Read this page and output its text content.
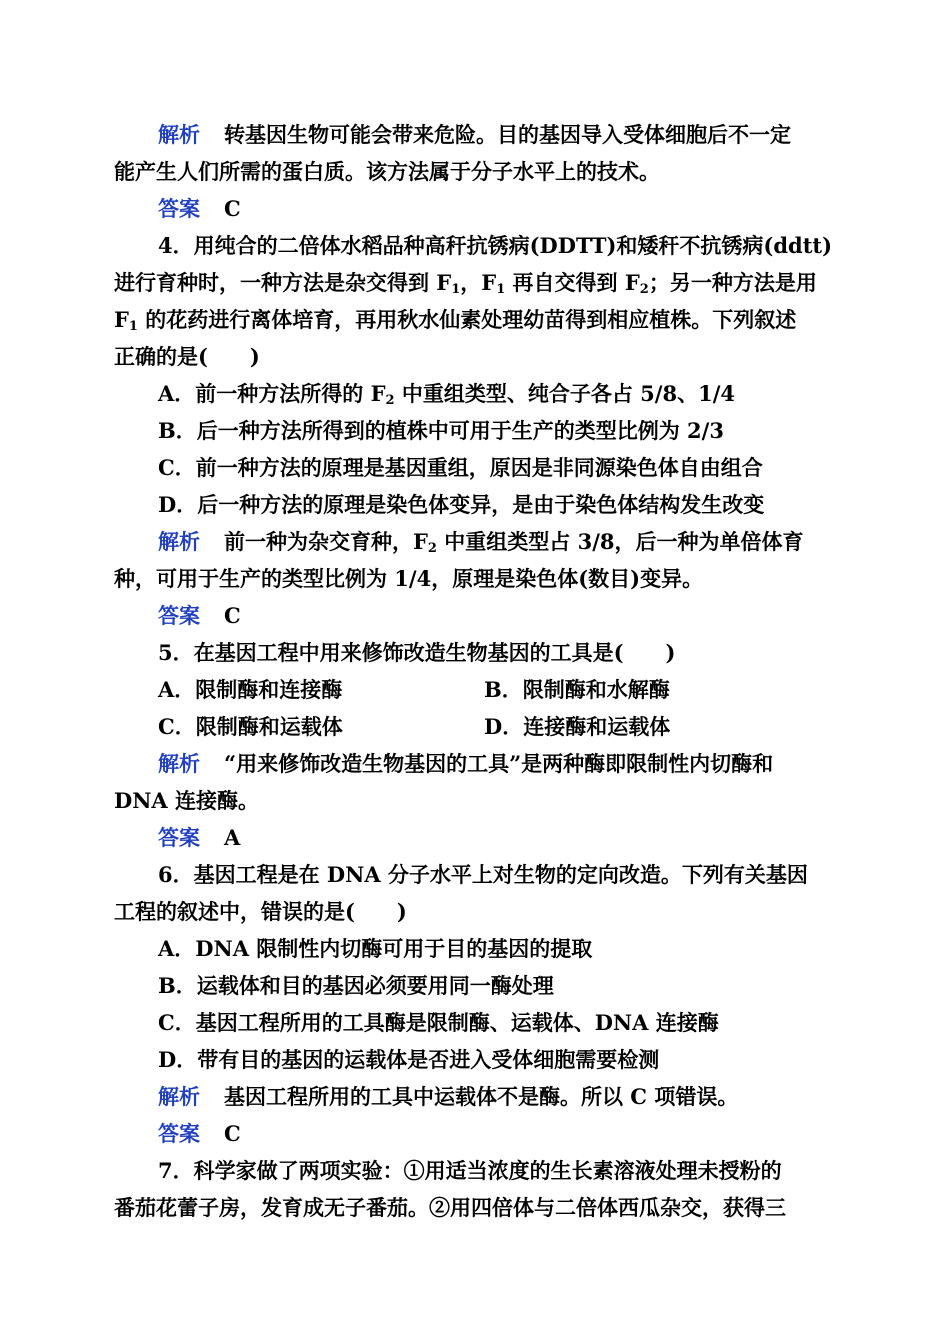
解析 转基因生物可能会带来危险。目的基因导入受体细胞后不一定
能产生人们所需的蛋白质。该方法属于分子水平上的技术。
答案 C
4．用纯合的二倍体水稻品种高秆抗锈病(DDTT)和矮秆不抗锈病(ddtt)
进行育种时，一种方法是杂交得到 $F_1$，$F_1$ 再自交得到 $F_2$；另一种方法是用
$F_1$ 的花药进行离体培育，再用秋水仙素处理幼苗得到相应植株。下列叙述
正确的是(　　)
A．前一种方法所得的 $F_2$ 中重组类型、纯合子各占 5/8、1/4
B．后一种方法所得到的植株中可用于生产的类型比例为 2/3
C．前一种方法的原理是基因重组，原因是非同源染色体自由组合
D．后一种方法的原理是染色体变异，是由于染色体结构发生改变
解析 前一种为杂交育种，$F_2$ 中重组类型占 3/8，后一种为单倍体育
种，可用于生产的类型比例为 1/4，原理是染色体(数目)变异。
答案 C
5．在基因工程中用来修饰改造生物基因的工具是(　　)
A．限制酶和连接酶	B．限制酶和水解酶
C．限制酶和运载体	D．连接酶和运载体
解析 “用来修饰改造生物基因的工具”是两种酶即限制性内切酶和
DNA 连接酶。
答案 A
6．基因工程是在 DNA 分子水平上对生物的定向改造。下列有关基因
工程的叙述中，错误的是(　　)
A．DNA 限制性内切酶可用于目的基因的提取
B．运载体和目的基因必须要用同一酶处理
C．基因工程所用的工具酶是限制酶、运载体、DNA 连接酶
D．带有目的基因的运载体是否进入受体细胞需要检测
解析 基因工程所用的工具中运载体不是酶。所以 C 项错误。
答案 C
7．科学家做了两项实验：①用适当浓度的生长素溶液处理未授粉的
番茄花蕾子房，发育成无子番茄。②用四倍体与二倍体西瓜杂交，获得三
